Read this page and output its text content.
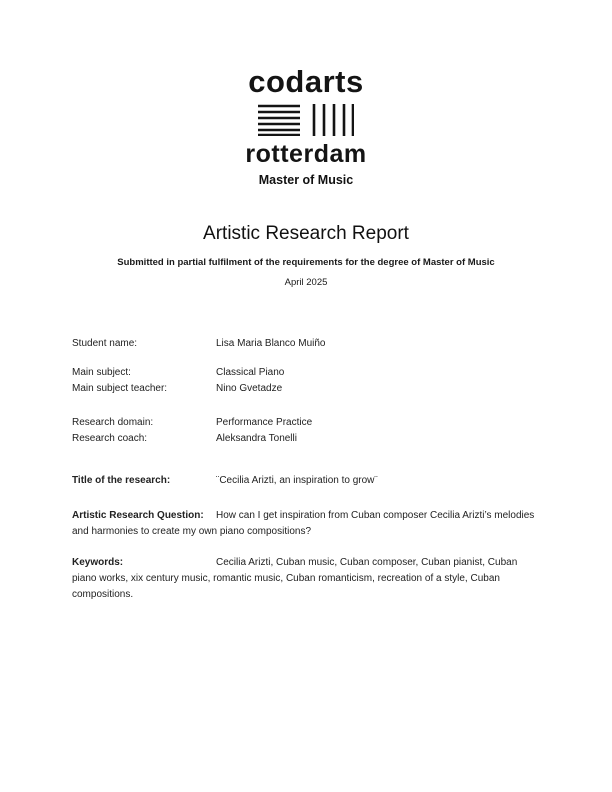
codarts
rotterdam
Master of Music
Artistic Research Report
Submitted in partial fulfilment of the requirements for the degree of Master of Music
April 2025

Student name:	Lisa Maria Blanco Muiño

Main subject:	Classical Piano

Main subject teacher:	Nino Gvetadze

Research domain:	Performance Practice

Research coach:	Aleksandra Tonelli

Title of the research:	¨Cecilia Arizti, an inspiration to grow¨

Artistic Research Question: How can I get inspiration from Cuban composer Cecilia Arizti’s melodies and harmonies to create my own piano compositions?

Keywords:	Cecilia Arizti, Cuban music, Cuban composer, Cuban pianist, Cuban piano works, xix century music, romantic music, Cuban romanticism, recreation of a style, Cuban compositions.
